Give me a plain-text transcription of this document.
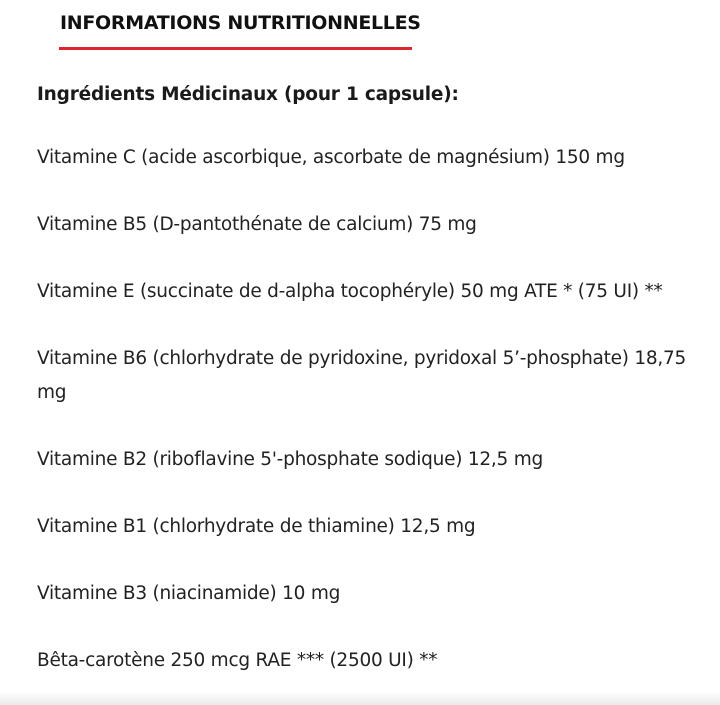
INFORMATIONS NUTRITIONNELLES
Ingrédients Médicinaux (pour 1 capsule):
Vitamine C (acide ascorbique, ascorbate de magnésium) 150 mg
Vitamine B5 (D-pantothénate de calcium) 75 mg
Vitamine E (succinate de d-alpha tocophéryle) 50 mg ATE * (75 UI) **
Vitamine B6 (chlorhydrate de pyridoxine, pyridoxal 5’-phosphate) 18,75 mg
Vitamine B2 (riboflavine 5'-phosphate sodique) 12,5 mg
Vitamine B1 (chlorhydrate de thiamine) 12,5 mg
Vitamine B3 (niacinamide) 10 mg
Bêta-carotène 250 mcg RAE *** (2500 UI) **
